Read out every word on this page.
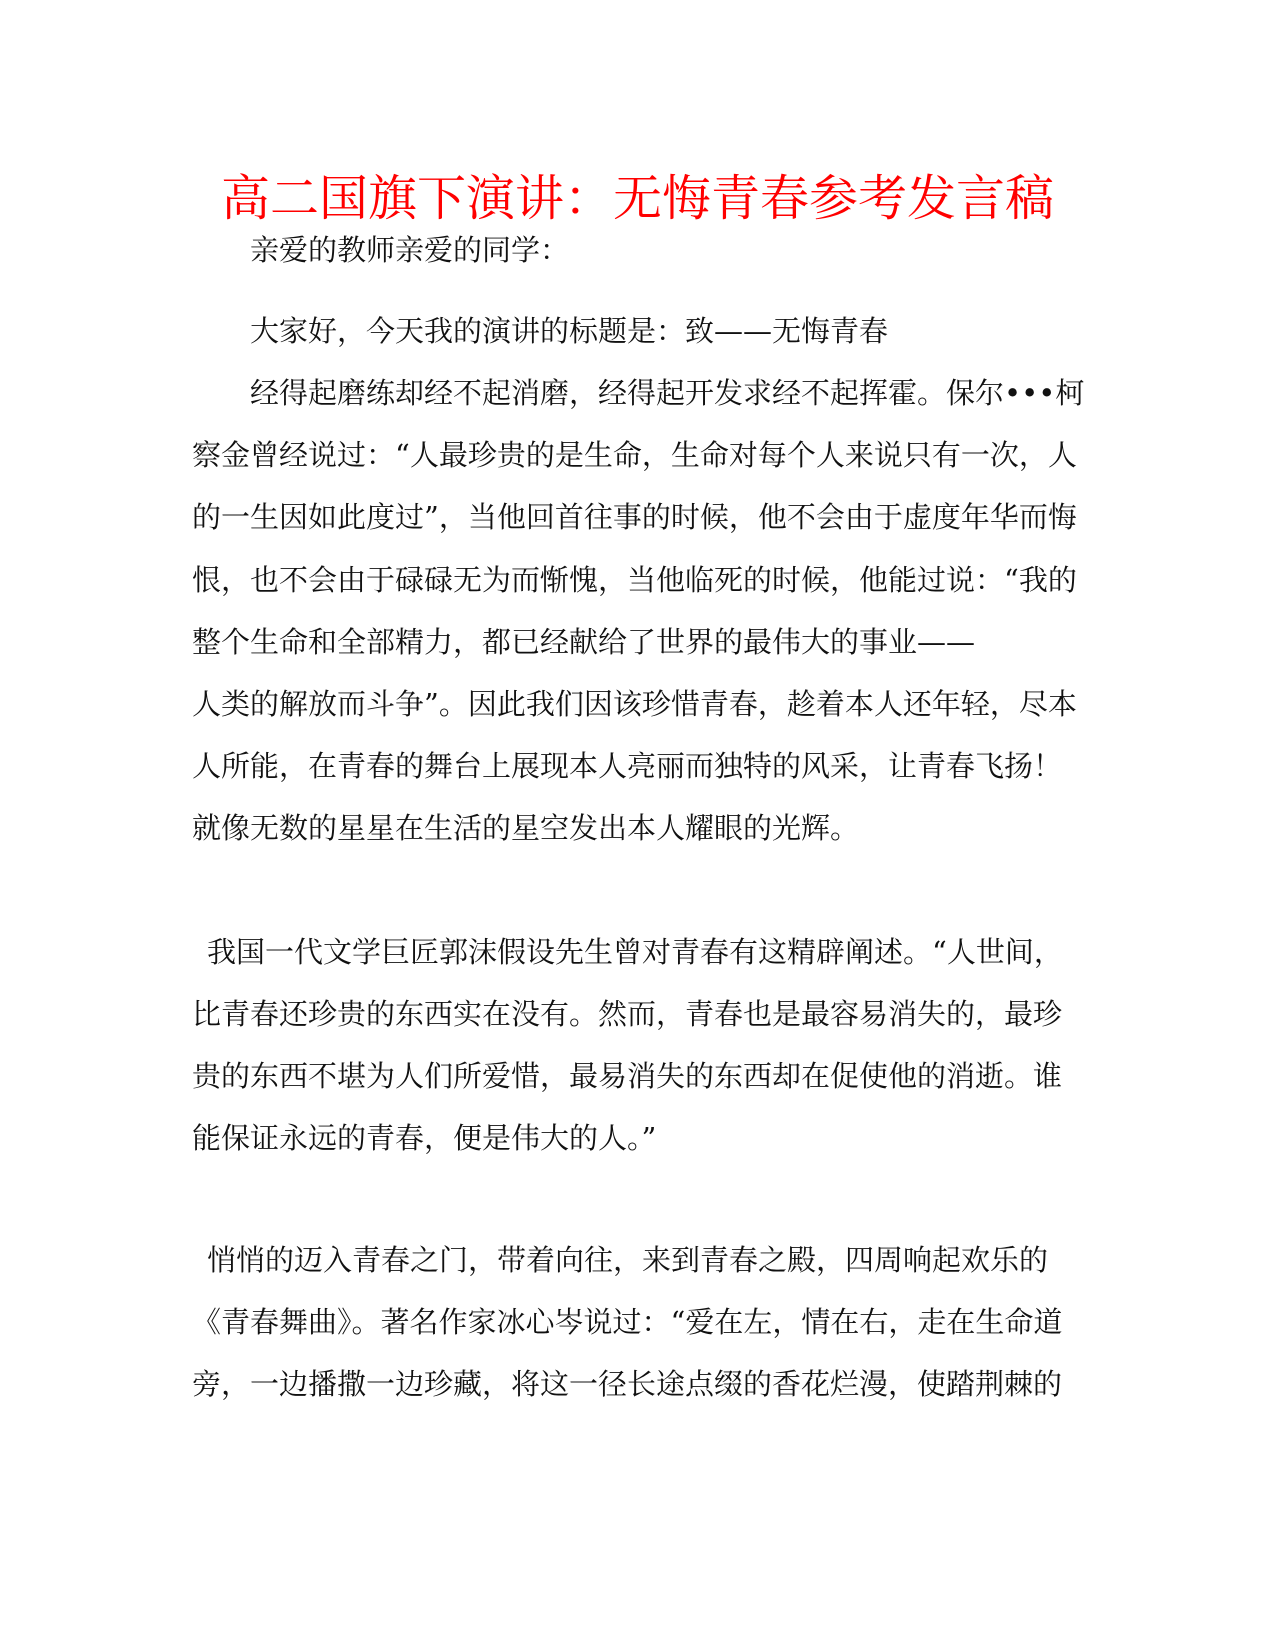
高二国旗下演讲：无悔青春参考发言稿

亲爱的教师亲爱的同学：

大家好，今天我的演讲的标题是：致——无悔青春

经得起磨练却经不起消磨，经得起开发求经不起挥霍。保尔•••柯

察金曾经说过：“人最珍贵的是生命，生命对每个人来说只有一次，人

的一生因如此度过”，当他回首往事的时候，他不会由于虚度年华而悔

恨，也不会由于碌碌无为而惭愧，当他临死的时候，他能过说：“我的

整个生命和全部精力，都已经献给了世界的最伟大的事业——

人类的解放而斗争”。因此我们因该珍惜青春，趁着本人还年轻，尽本

人所能，在青春的舞台上展现本人亮丽而独特的风采，让青春飞扬！

就像无数的星星在生活的星空发出本人耀眼的光辉。

我国一代文学巨匠郭沫假设先生曾对青春有这精辟阐述。“人世间，

比青春还珍贵的东西实在没有。然而，青春也是最容易消失的，最珍

贵的东西不堪为人们所爱惜，最易消失的东西却在促使他的消逝。谁

能保证永远的青春，便是伟大的人。”

悄悄的迈入青春之门，带着向往，来到青春之殿，四周响起欢乐的

《青春舞曲》。著名作家冰心岑说过：“爱在左，情在右，走在生命道

旁，一边播撒一边珍藏，将这一径长途点缀的香花烂漫，使踏荆棘的
